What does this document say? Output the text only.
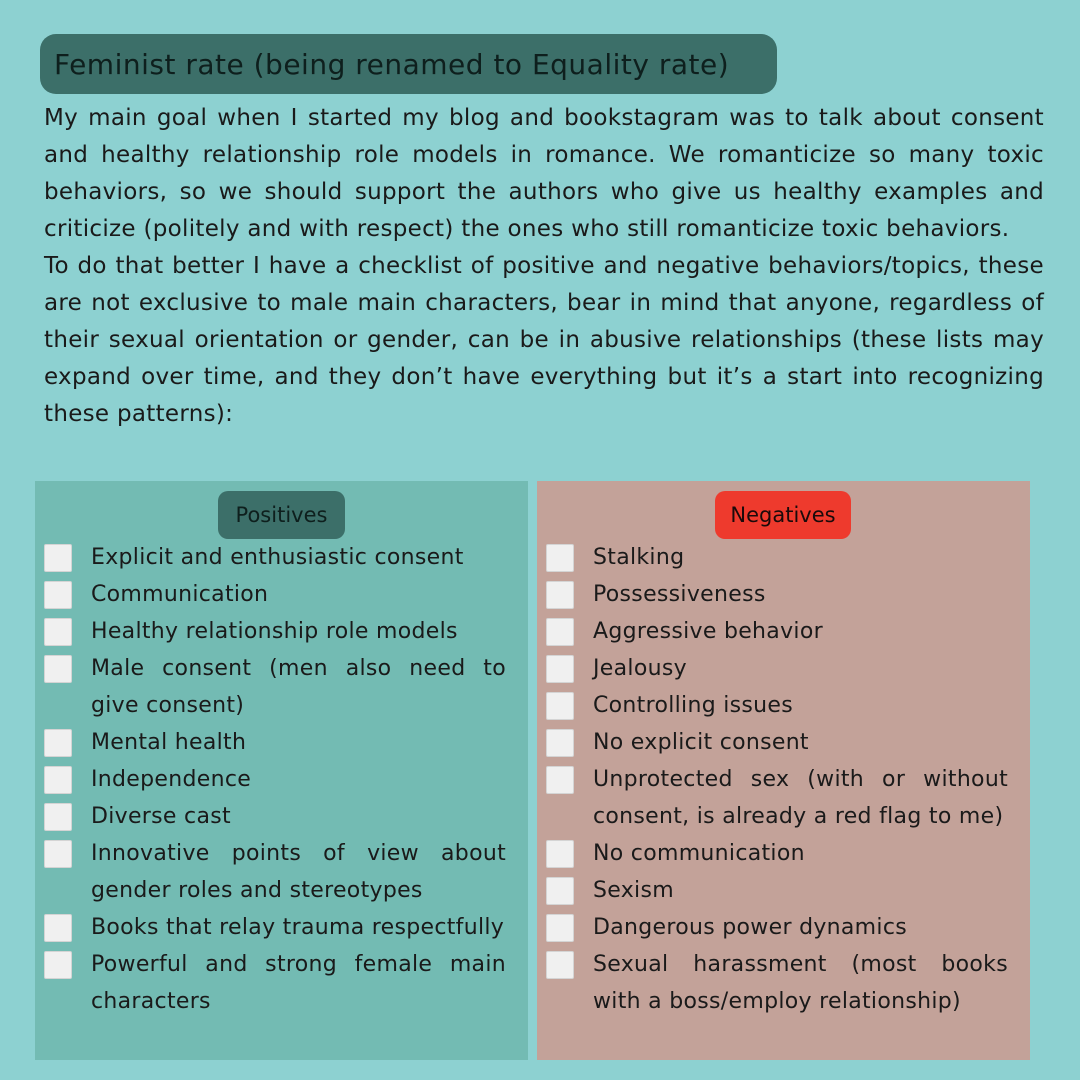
Feminist rate (being renamed to Equality rate)

My main goal when I started my blog and bookstagram was to talk about consent and healthy relationship role models in romance. We romanticize so many toxic behaviors, so we should support the authors who give us healthy examples and criticize (politely and with respect) the ones who still romanticize toxic behaviors.

To do that better I have a checklist of positive and negative behaviors/topics, these are not exclusive to male main characters, bear in mind that anyone, regardless of their sexual orientation or gender, can be in abusive relationships (these lists may expand over time, and they don’t have everything but it’s a start into recognizing these patterns):

Positives
Explicit and enthusiastic consent
Communication
Healthy relationship role models
Male consent (men also need to give consent)
Mental health
Independence
Diverse cast
Innovative points of view about gender roles and stereotypes
Books that relay trauma respectfully
Powerful and strong female main characters
Negatives
Stalking
Possessiveness
Aggressive behavior
Jealousy
Controlling issues
No explicit consent
Unprotected sex (with or without consent, is already a red flag to me)
No communication
Sexism
Dangerous power dynamics
Sexual harassment (most books with a boss/employ relationship)
